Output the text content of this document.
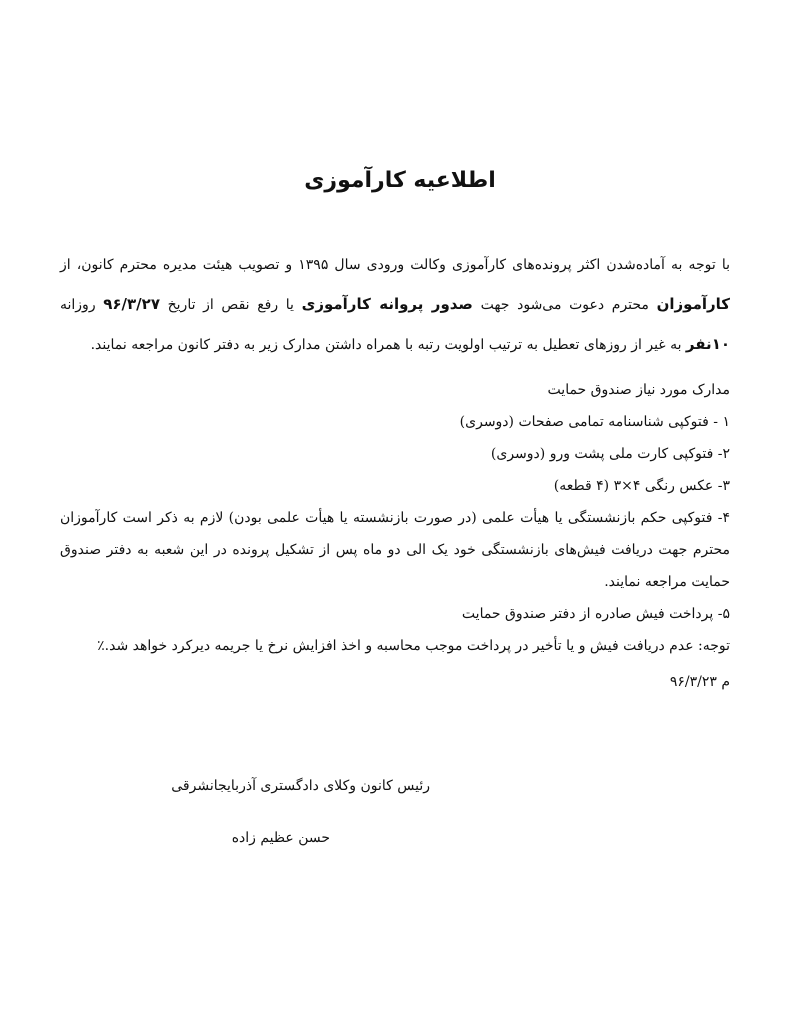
اطلاعیه کارآموزی
با توجه به آماده‌شدن اکثر پرونده‌های کارآموزی وکالت ورودی سال ۱۳۹۵ و تصویب هیئت مدیره محترم کانون، از کارآموزان محترم دعوت می‌شود جهت صدور پروانه کارآموزی یا رفع نقص از تاریخ ۹۶/۳/۲۷ روزانه ۱۰نفر به غیر از روزهای تعطیل به ترتیب اولویت رتبه با همراه داشتن مدارک زیر به دفتر کانون مراجعه نمایند.
مدارک مورد نیاز صندوق حمایت
۱ - فتوکپی شناسنامه تمامی صفحات (دوسری)
۲- فتوکپی کارت ملی پشت ورو (دوسری)
۳- عکس رنگی ۴×۳ (۴ قطعه)
۴- فتوکپی حکم بازنشستگی یا هیأت علمی (در صورت بازنشسته یا هیأت علمی بودن) لازم به ذکر است کارآموزان محترم جهت دریافت فیش‌های بازنشستگی خود یک الی دو ماه پس از تشکیل پرونده در این شعبه به دفتر صندوق حمایت مراجعه نمایند.
۵- پرداخت فیش صادره از دفتر صندوق حمایت
توجه: عدم دریافت فیش و یا تأخیر در پرداخت موجب محاسبه و اخذ افزایش نرخ یا جریمه دیرکرد خواهد شد.٪
م ۹۶/۳/۲۳
رئیس کانون وکلای دادگستری آذربایجانشرقی
حسن عظیم زاده
